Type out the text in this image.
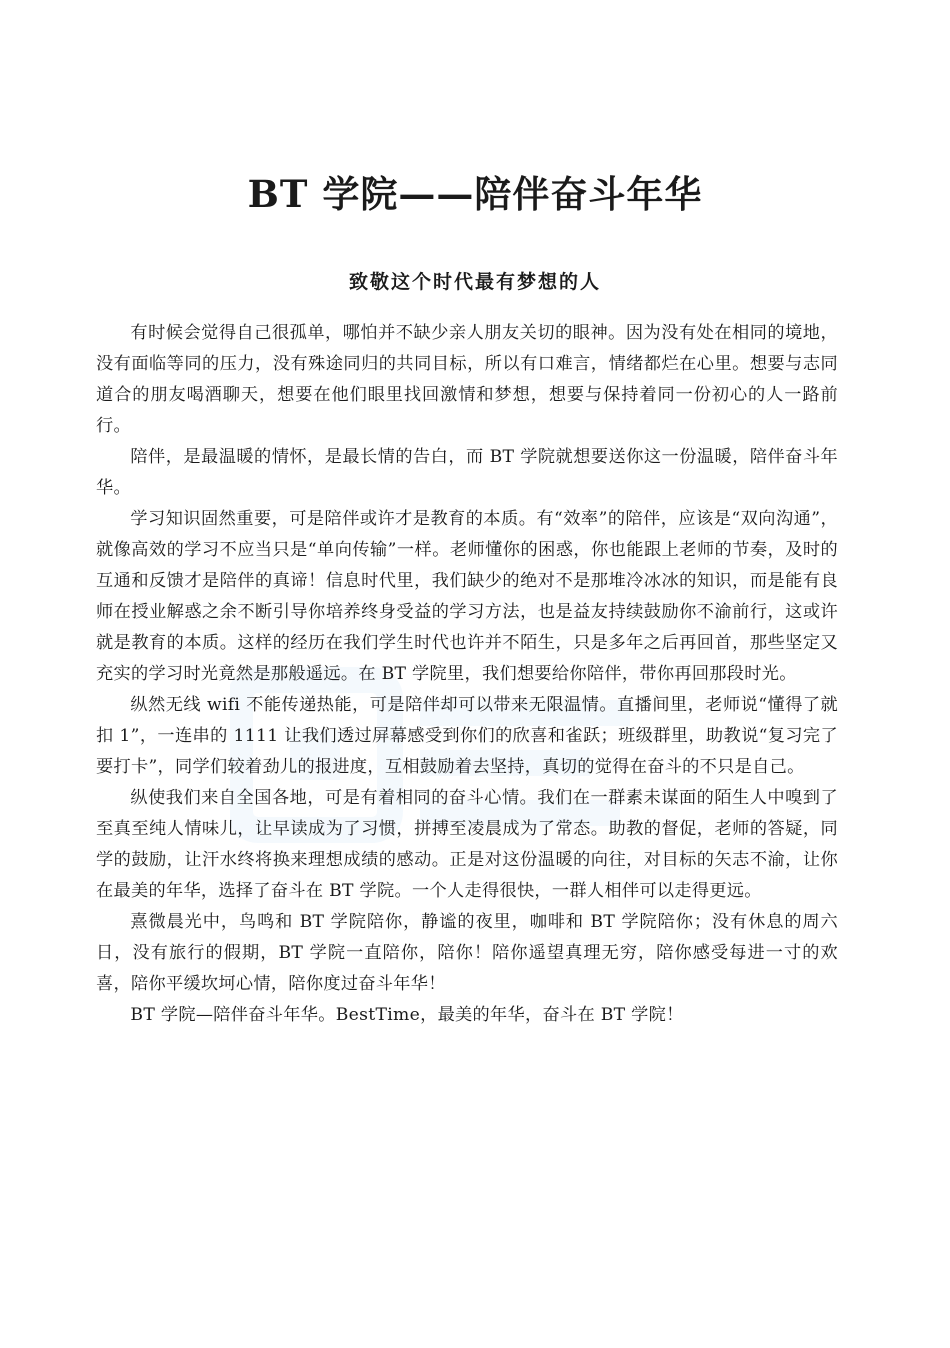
BT 学院——陪伴奋斗年华
致敬这个时代最有梦想的人

有时候会觉得自己很孤单，哪怕并不缺少亲人朋友关切的眼神。因为没有处在相同的境地，没有面临等同的压力，没有殊途同归的共同目标，所以有口难言，情绪都烂在心里。想要与志同道合的朋友喝酒聊天，想要在他们眼里找回激情和梦想，想要与保持着同一份初心的人一路前行。

陪伴，是最温暖的情怀，是最长情的告白，而 BT 学院就想要送你这一份温暖，陪伴奋斗年华。

学习知识固然重要，可是陪伴或许才是教育的本质。有“效率”的陪伴，应该是“双向沟通”，就像高效的学习不应当只是“单向传输”一样。老师懂你的困惑，你也能跟上老师的节奏，及时的互通和反馈才是陪伴的真谛！信息时代里，我们缺少的绝对不是那堆冷冰冰的知识，而是能有良师在授业解惑之余不断引导你培养终身受益的学习方法，也是益友持续鼓励你不渝前行，这或许就是教育的本质。这样的经历在我们学生时代也许并不陌生，只是多年之后再回首，那些坚定又充实的学习时光竟然是那般遥远。在 BT 学院里，我们想要给你陪伴，带你再回那段时光。

纵然无线 wifi 不能传递热能，可是陪伴却可以带来无限温情。直播间里，老师说“懂得了就扣 1”，一连串的 1111 让我们透过屏幕感受到你们的欣喜和雀跃；班级群里，助教说“复习完了要打卡”，同学们较着劲儿的报进度，互相鼓励着去坚持，真切的觉得在奋斗的不只是自己。

纵使我们来自全国各地，可是有着相同的奋斗心情。我们在一群素未谋面的陌生人中嗅到了至真至纯人情味儿，让早读成为了习惯，拼搏至凌晨成为了常态。助教的督促，老师的答疑，同学的鼓励，让汗水终将换来理想成绩的感动。正是对这份温暖的向往，对目标的矢志不渝，让你在最美的年华，选择了奋斗在 BT 学院。一个人走得很快，一群人相伴可以走得更远。

熹微晨光中，鸟鸣和 BT 学院陪你，静谧的夜里，咖啡和 BT 学院陪你；没有休息的周六日，没有旅行的假期，BT 学院一直陪你，陪你！陪你遥望真理无穷，陪你感受每进一寸的欢喜，陪你平缓坎坷心情，陪你度过奋斗年华！

BT 学院—陪伴奋斗年华。BestTime，最美的年华，奋斗在 BT 学院！
